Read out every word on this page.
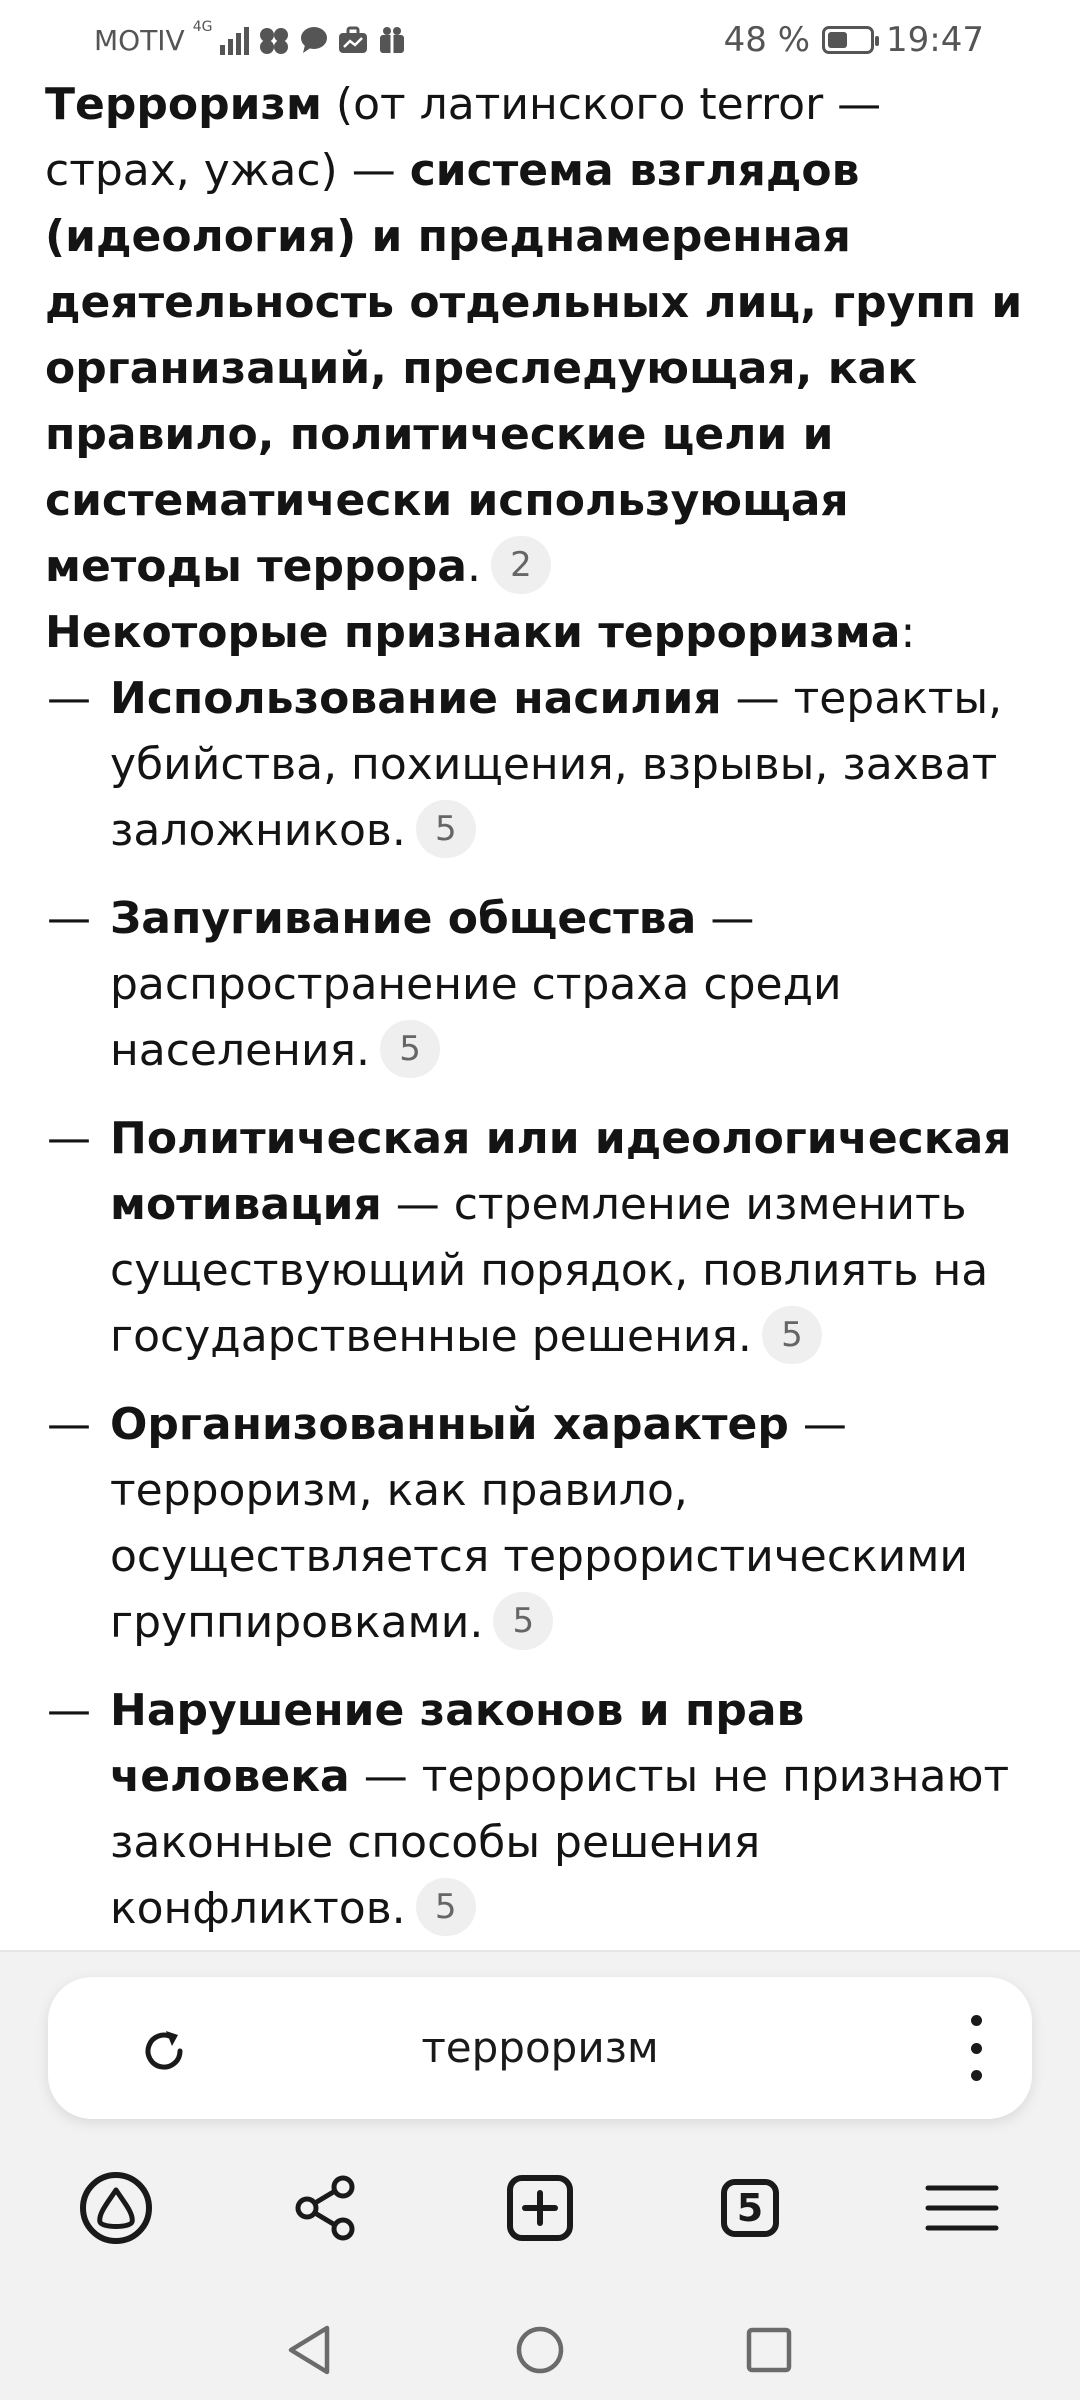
MOTIV 4G	48 % 19:47

Терроризм (от латинского terror — страх, ужас) — система взглядов (идеология) и преднамеренная деятельность отдельных лиц, групп и организаций, преследующая, как правило, политические цели и систематически использующая методы террора. 2

Некоторые признаки терроризма:

— Использование насилия — теракты, убийства, похищения, взрывы, захват заложников. 5
— Запугивание общества — распространение страха среди населения. 5
— Политическая или идеологическая мотивация — стремление изменить существующий порядок, повлиять на государственные решения. 5
— Организованный характер — терроризм, как правило, осуществляется террористическими группировками. 5
— Нарушение законов и прав человека — террористы не признают законные способы решения конфликтов. 5

терроризм
5
